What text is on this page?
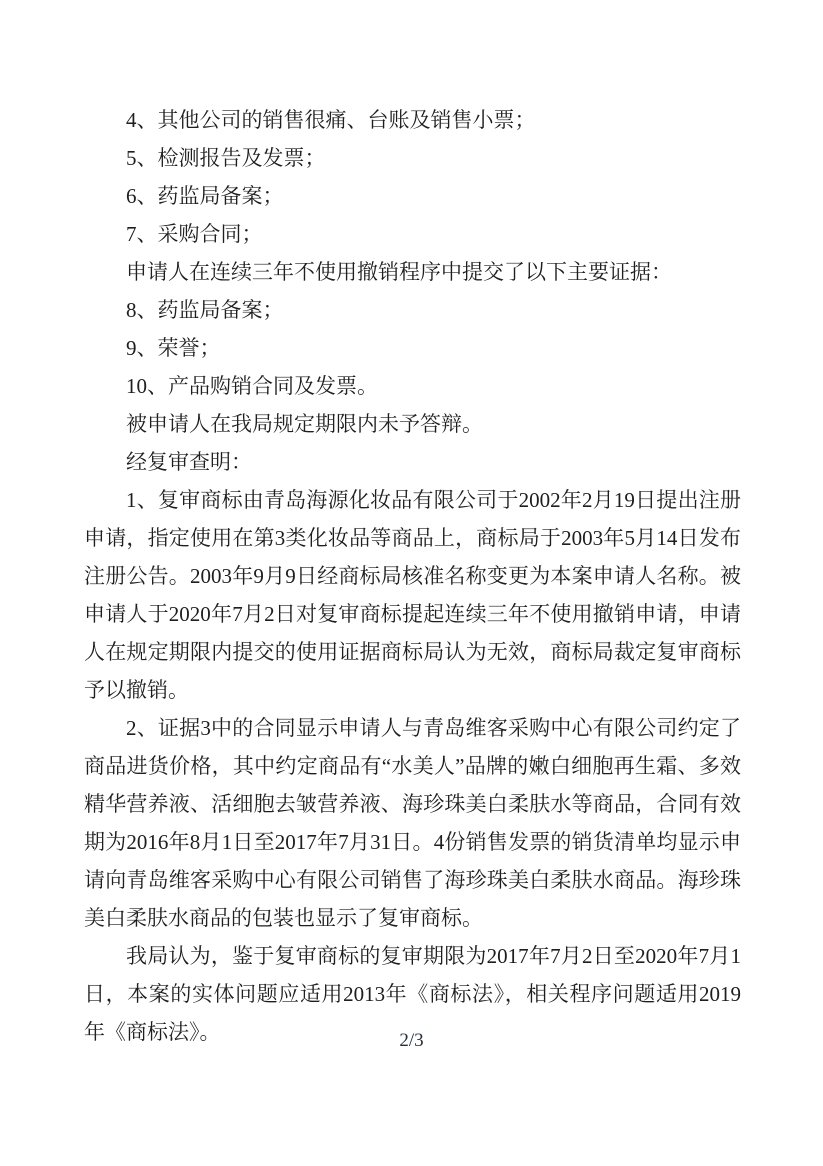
4、其他公司的销售很痛、台账及销售小票；

5、检测报告及发票；

6、药监局备案；

7、采购合同；

申请人在连续三年不使用撤销程序中提交了以下主要证据：

8、药监局备案；

9、荣誉；

10、产品购销合同及发票。

被申请人在我局规定期限内未予答辩。

经复审查明：

1、复审商标由青岛海源化妆品有限公司于2002年2月19日提出注册申请，指定使用在第3类化妆品等商品上，商标局于2003年5月14日发布注册公告。2003年9月9日经商标局核准名称变更为本案申请人名称。被申请人于2020年7月2日对复审商标提起连续三年不使用撤销申请，申请人在规定期限内提交的使用证据商标局认为无效，商标局裁定复审商标予以撤销。

2、证据3中的合同显示申请人与青岛维客采购中心有限公司约定了商品进货价格，其中约定商品有“水美人”品牌的嫩白细胞再生霜、多效精华营养液、活细胞去皱营养液、海珍珠美白柔肤水等商品，合同有效期为2016年8月1日至2017年7月31日。4份销售发票的销货清单均显示申请向青岛维客采购中心有限公司销售了海珍珠美白柔肤水商品。海珍珠美白柔肤水商品的包装也显示了复审商标。

我局认为，鉴于复审商标的复审期限为2017年7月2日至2020年7月1日，本案的实体问题应适用2013年《商标法》，相关程序问题适用2019年《商标法》。	2/3
